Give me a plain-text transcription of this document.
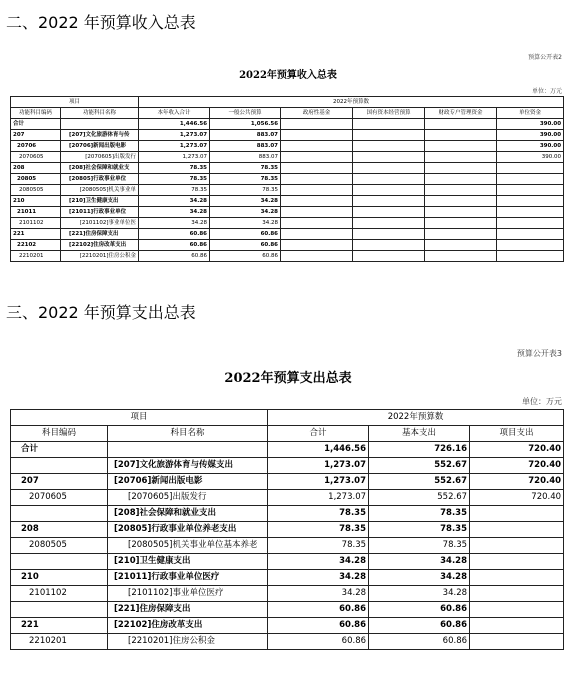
二、2022 年预算收入总表
预算公开表2
2022年预算收入总表
单位：万元
项目		2022年预算数					
功能科目编码	功能科目名称	本年收入合计	一般公共预算	政府性基金	国有资本经营预算	财政专户管理资金	单位资金
合计		1,446.56	1,056.56				390.00
207	[207]文化旅游体育与传	1,273.07	883.07				390.00
20706	[20706]新闻出版电影	1,273.07	883.07				390.00
2070605	[2070605]出版发行	1,273.07	883.07				390.00
208	[208]社会保障和就业支	78.35	78.35				
20805	[20805]行政事业单位	78.35	78.35				
2080505	[2080505]机关事业单	78.35	78.35				
210	[210]卫生健康支出	34.28	34.28				
21011	[21011]行政事业单位	34.28	34.28				
2101102	[2101102]事业单位医	34.28	34.28				
221	[221]住房保障支出	60.86	60.86				
22102	[22102]住房改革支出	60.86	60.86				
2210201	[2210201]住房公积金	60.86	60.86				
三、2022 年预算支出总表
预算公开表3
2022年预算支出总表
单位：万元
项目		2022年预算数		
科目编码	科目名称	合计	基本支出	项目支出
合计		1,446.56	726.16	720.40
	[207]文化旅游体育与传媒支出	1,273.07	552.67	720.40
207	[20706]新闻出版电影	1,273.07	552.67	720.40
2070605	[2070605]出版发行	1,273.07	552.67	720.40
	[208]社会保障和就业支出	78.35	78.35	
208	[20805]行政事业单位养老支出	78.35	78.35	
2080505	[2080505]机关事业单位基本养老	78.35	78.35	
	[210]卫生健康支出	34.28	34.28	
210	[21011]行政事业单位医疗	34.28	34.28	
2101102	[2101102]事业单位医疗	34.28	34.28	
	[221]住房保障支出	60.86	60.86	
221	[22102]住房改革支出	60.86	60.86	
2210201	[2210201]住房公积金	60.86	60.86	
